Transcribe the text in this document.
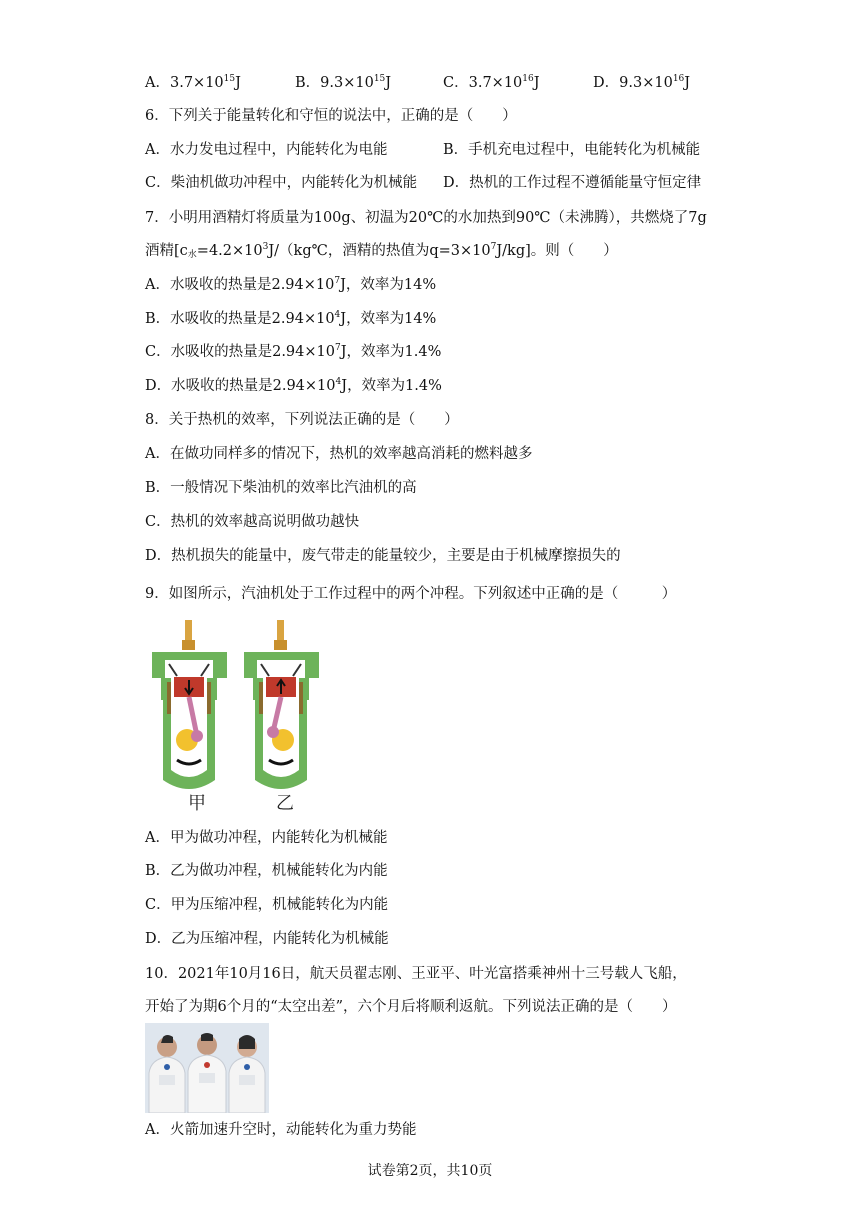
A．$3.7\times 10^{15}J$	B．$9.3\times 10^{15}J$	C．$3.7\times 10^{16}J$	D．$9.3\times 10^{16}J$
6．下列关于能量转化和守恒的说法中，正确的是（　　）
A．水力发电过程中，内能转化为电能	B．手机充电过程中，电能转化为机械能
C．柴油机做功冲程中，内能转化为机械能 D．热机的工作过程不遵循能量守恒定律
7．小明用酒精灯将质量为100g、初温为20℃的水加热到90℃（未沸腾），共燃烧了7g
酒精[$c_水=4.2\times 10^3J/(kg℃$，酒精的热值为$q=3\times 10^7J/kg$]。则（　　）
A．水吸收的热量是$2.94\times 10^7J$，效率为14%
B．水吸收的热量是$2.94\times 10^4J$，效率为14%
C．水吸收的热量是$2.94\times 10^7J$，效率为1.4%
D．水吸收的热量是$2.94\times 10^4J$，效率为1.4%
8．关于热机的效率，下列说法正确的是（　　）
A．在做功同样多的情况下，热机的效率越高消耗的燃料越多
B．一般情况下柴油机的效率比汽油机的高
C．热机的效率越高说明做功越快
D．热机损失的能量中，废气带走的能量较少，主要是由于机械摩擦损失的
9．如图所示，汽油机处于工作过程中的两个冲程。下列叙述中正确的是（　　　）
甲	乙
A．甲为做功冲程，内能转化为机械能
B．乙为做功冲程，机械能转化为内能
C．甲为压缩冲程，机械能转化为内能
D．乙为压缩冲程，内能转化为机械能
10．2021年10月16日，航天员翟志刚、王亚平、叶光富搭乘神州十三号载人飞船，
开始了为期6个月的“太空出差”，六个月后将顺利返航。下列说法正确的是（　　）
A．火箭加速升空时，动能转化为重力势能
试卷第2页，共10页
